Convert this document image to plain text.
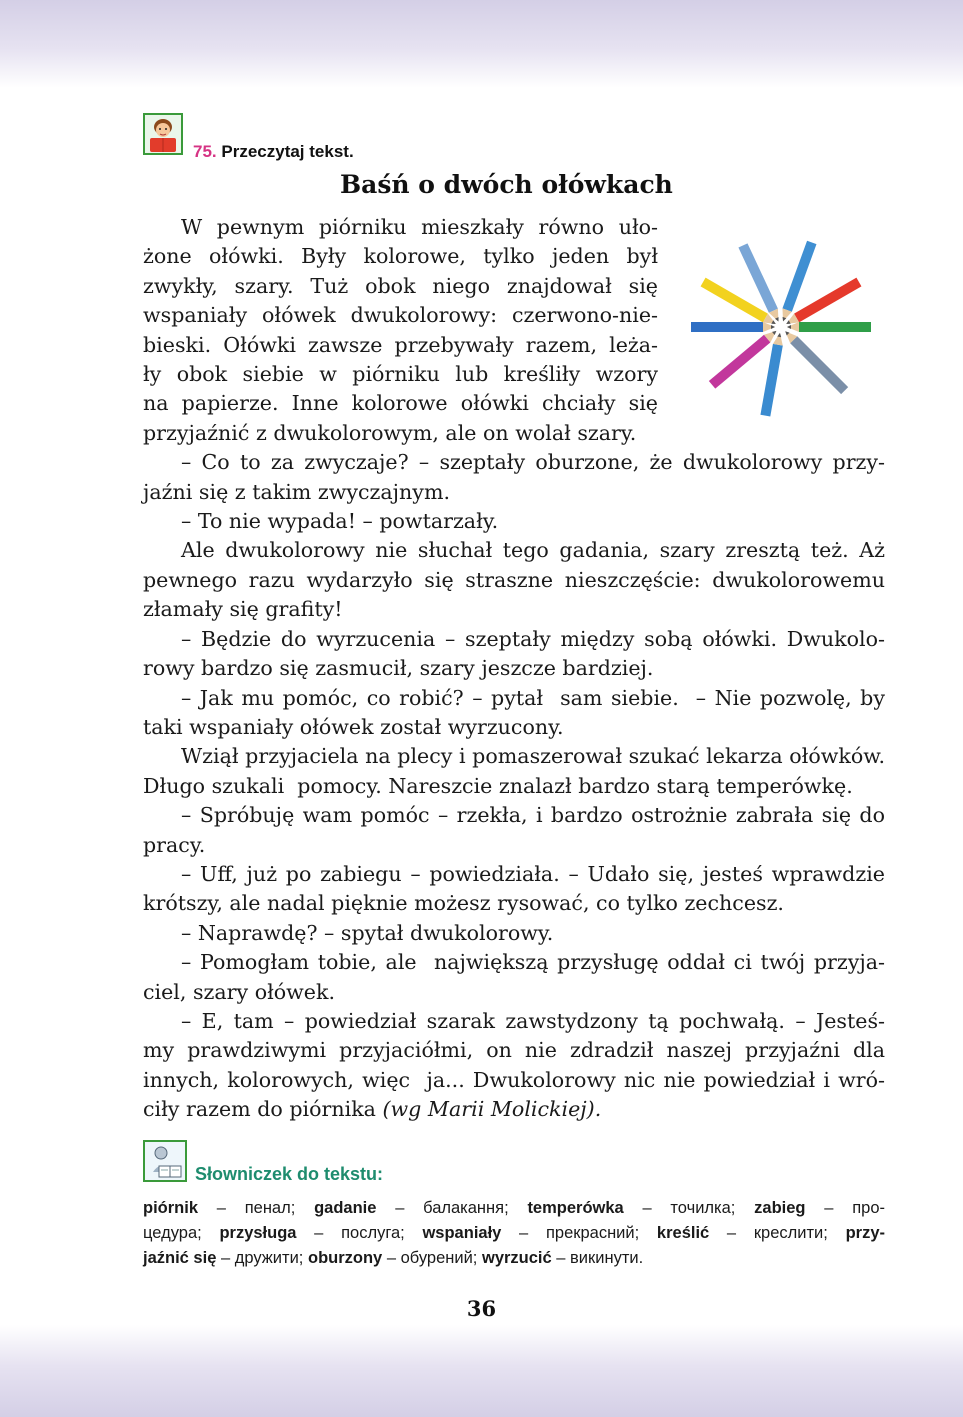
75. Przeczytaj tekst.
Baśń o dwóch ołówkach
W pewnym piórniku mieszkały równo uło-
żone ołówki. Były kolorowe, tylko jeden był
zwykły, szary. Tuż obok niego znajdował się
wspaniały ołówek dwukolorowy: czerwono-nie-
bieski. Ołówki zawsze przebywały razem, leża-
ły obok siebie w piórniku lub kreśliły wzory
na papierze. Inne kolorowe ołówki chciały się
przyjaźnić z dwukolorowym, ale on wolał szary.
– Co to za zwyczaje? – szeptały oburzone, że dwukolorowy przy-
jaźni się z takim zwyczajnym.
– To nie wypada! – powtarzały.
Ale dwukolorowy nie słuchał tego gadania, szary zresztą też. Aż
pewnego razu wydarzyło się straszne nieszczęście: dwukolorowemu
złamały się grafity!
– Będzie do wyrzucenia – szeptały między sobą ołówki. Dwukolo-
rowy bardzo się zasmucił, szary jeszcze bardziej.
– Jak mu pomóc, co robić? – pytał  sam siebie.  – Nie pozwolę, by
taki wspaniały ołówek został wyrzucony.
Wziął przyjaciela na plecy i pomaszerował szukać lekarza ołówków.
Długo szukali  pomocy. Nareszcie znalazł bardzo starą temperówkę.
– Spróbuję wam pomóc – rzekła, i bardzo ostrożnie zabrała się do
pracy.
– Uff, już po zabiegu – powiedziała. – Udało się, jesteś wprawdzie
krótszy, ale nadal pięknie możesz rysować, co tylko zechcesz.
– Naprawdę? – spytał dwukolorowy.
– Pomogłam tobie, ale  największą przysługę oddał ci twój przyja-
ciel, szary ołówek.
– E, tam – powiedział szarak zawstydzony tą pochwałą. – Jesteś-
my prawdziwymi przyjaciółmi, on nie zdradził naszej przyjaźni dla
innych, kolorowych, więc  ja... Dwukolorowy nic nie powiedział i wró-
ciły razem do piórnika (wg Marii Molickiej).
Słowniczek do tekstu:
piórnik – пенал; gadanie – балакання; temperówka – точилка; zabieg – про-
цедура; przysługa – послуга; wspaniały – прекрасний; kreślić – креслити; przy-
jaźnić się – дружити; oburzony – обурений; wyrzucić – викинути.
36
